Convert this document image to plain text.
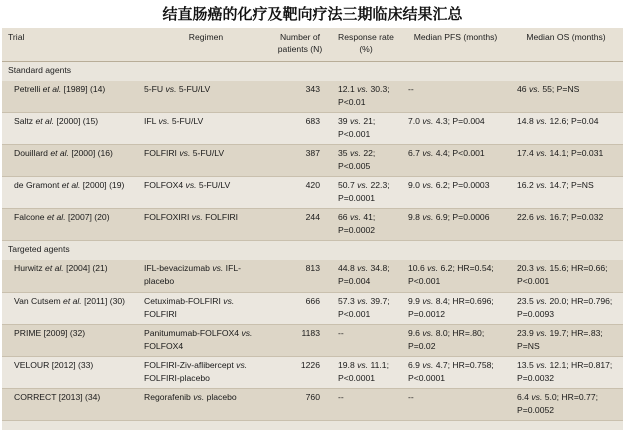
结直肠癌的化疗及靶向疗法三期临床结果汇总
Trial	Regimen	Number of patients (N)	Response rate (%)	Median PFS (months)	Median OS (months)
Standard agents					
Petrelli et al. [1989] (14)	5-FU vs. 5-FU/LV	343	12.1 vs. 30.3; P<0.01	--	46 vs. 55; P=NS
Saltz et al. [2000] (15)	IFL vs. 5-FU/LV	683	39 vs. 21; P<0.001	7.0 vs. 4.3; P=0.004	14.8 vs. 12.6; P=0.04
Douillard et al. [2000] (16)	FOLFIRI vs. 5-FU/LV	387	35 vs. 22; P<0.005	6.7 vs. 4.4; P<0.001	17.4 vs. 14.1; P=0.031
de Gramont et al. [2000] (19)	FOLFOX4 vs. 5-FU/LV	420	50.7 vs. 22.3; P=0.0001	9.0 vs. 6.2; P=0.0003	16.2 vs. 14.7; P=NS
Falcone et al. [2007] (20)	FOLFOXIRI vs. FOLFIRI	244	66 vs. 41; P=0.0002	9.8 vs. 6.9; P=0.0006	22.6 vs. 16.7; P=0.032
Targeted agents					
Hurwitz et al. [2004] (21)	IFL-bevacizumab vs. IFL-placebo	813	44.8 vs. 34.8; P=0.004	10.6 vs. 6.2; HR=0.54; P<0.001	20.3 vs. 15.6; HR=0.66; P<0.001
Van Cutsem et al. [2011] (30)	Cetuximab-FOLFIRI vs. FOLFIRI	666	57.3 vs. 39.7; P<0.001	9.9 vs. 8.4; HR=0.696; P=0.0012	23.5 vs. 20.0; HR=0.796; P=0.0093
PRIME [2009] (32)	Panitumumab-FOLFOX4 vs. FOLFOX4	1183	--	9.6 vs. 8.0; HR=.80; P=0.02	23.9 vs. 19.7; HR=.83; P=NS
VELOUR [2012] (33)	FOLFIRI-Ziv-aflibercept vs. FOLFIRI-placebo	1226	19.8 vs. 11.1; P<0.0001	6.9 vs. 4.7; HR=0.758; P<0.0001	13.5 vs. 12.1; HR=0.817; P=0.0032
CORRECT [2013] (34)	Regorafenib vs. placebo	760	--	--	6.4 vs. 5.0; HR=0.77; P=0.0052
